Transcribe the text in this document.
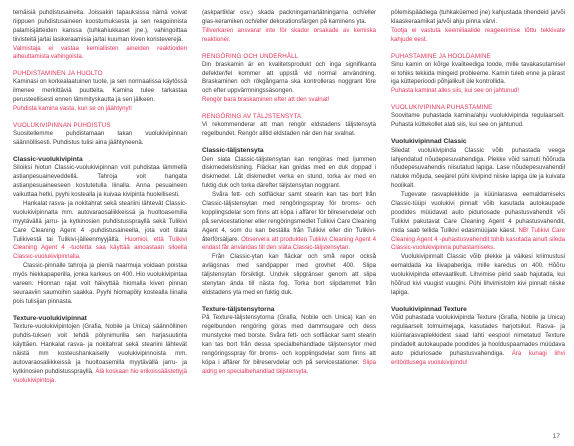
temäisiä puhdistusaineita. Joissakin tapauksissa nämä voivat riippuen puhdistusaineen koostumuksesta ja sen reagoinnista palamisjätteiden kanssa (tuhkahiukkaset jne.), vahingoittaa tiivisteitä ja/tai lasikeraamisia ja/tai kuuman kiven koristeverejä.

Valmistaja ei vastaa kemiallisten aineiden reaktioiden aiheuttamista vahingoista.

PUHDISTAMINEN JA HUOLTO

Kaminasi on korkealaatuinen tuote, ja sen normaalissa käytössä ilmenee merkittäviä puutteita. Kamina tulee tarkastaa perusteellisesti ennen lämmityskautta ja sen jälkeen.

Puhdista kamina vasta, kun se on jäähtynyt!

VUOLUKIVIPINNAN PUHDISTUS

Suositellemme puhdistamaan takan vuolukivipinnan säännöllisesti. Puhdistus tulisi aina jäähtyneenä.

Classic-vuolukivipinta

Siloiksi hiotun Classic-vuolukivipinnan voit puhdistaa lämmellä astianpesuaineveddellä. Tahroja voit hangata astianpesuaineeseen kostutetulla liinalla. Anna pesuaineen vaikuttaa hetki, pyyhi kostealla ja kuivaa kivipinta huolellisesti.

Hankalat rasva- ja nokitahrat sekä steariini lähtevät Classic-vuolukivipinnalta mm. autovaraosaliikkeissä ja huoltoasemilla myytävällä jarru- ja kytkinosien puhdistussprayllä sekä Tulikivi Care Cleaning Agent 4 -puhdistusaineella, jota voit tilata Tulikivestä tai Tulikivi-jälleenmyyjältä. Huomioi, että Tulikivi Cleaning Agent 4 -tuotetta saa käyttää ainoastaan siloella Classic-vuolukivipinnalla.

Classic-pinnalle tahroja ja pieniä naarmuja voidaan poistaa myös hiekkapaperilla, jonka karkeus on 400. Hio vuolukivipintaa vareen. Hionnan rajat voit häivyttää hiomalla kiven pinnan seuraaviin saumoihin saakka. Pyyhi hiomapöly kostealla liinalla pois tulisijan pinnasta.

Texture-vuolukivipinnat

Texture-vuolukivipintojen (Grafia, Nobile ja Unica) säännöllinen puhdis-tuksen voit tehdä pölynimurilla sen harjasuutinta käyttäen. Hankalat rasva- ja nokitahrat sekä steariini lähtevät näistä mm kosteushankaiselly vuolukivipinnoista mm. autovaraosaliikkeissä ja huoltoasemilla myytävällä jarru- ja kytkinosien puhdistussprayllä. Älä koskaan hio erikoissäästettyjä vuolukivipintoja.

(askpartiklar osv.) skada packningarna/tätningarna och/eller glas-keramiken och/eller dekorationsfärgen på kaminens yta.

Tillverkaren ansvarar inte för skador orsakade av kemiska reaktioner.

RENGÖRING OCH UNDERHÅLL

Din braskamin är en kvalitetsprodukt och inga signifikanta defekter/fel kommer att uppstå vid normal användning. Braskaminen och rökgångarna ska kontrolleras noggrant före och efter uppvärmningssäsongen.

Rengör bara braskaminen efter att den svalnat!

RENGÖRING AV TÄLJSTENSYTA

Vi rekommenderar att man rengör eldstadens täljstensyta regelbundet. Rengör alltid eldstaden när den har svalnat.

Classic-täljstensyta

Den slata Classic-täljstensytan kan rengöras med ljummen diskmedelslösning. Fläckar kan gnidas med en duk doppad i diskmedel. Låt diskmedlet verka en stund, torka av med en fuktig duk och torka därefter täljstensytan noggrant.

Svåra fett- och sotfläckar samt stearin kan tas bort från Classic-täljstensytan med rengöringsspray för broms- och kopplingsdelar som finns att köpa i affärer för bilreservdelar och på servicestationer eller rengöringsmedlet Tulikivi Care Cleaning Agent 4, som du kan beställa från Tulikivi eller din Tulikivi-återförsäljare. Observera att produkten Tulikivi Cleaning Agent 4 endast får användas till den släta Classic-täljstensytan.

Från Classic-ytan kan fläckar och små repor också avlägsnas med sandpapper med grovhet 400. Slipa täljstensytan försiktigt. Undvik slipgränser genom att slipa stenytan ända till nästa fog. Torka bort slipdammet från eldstadens yta med en fuktig duk.

Texture-täljstensytorna

På Texture-täljstensytorna (Grafia, Nobile och Unica) kan en regelbunden rengöring göras med dammsugare och dess munstycke med borste. Svåra fett- och sotfläckar samt stearin kan tas bort från dessa specialbehandlade täljstensytor med rengöringsspray för broms- och kopplingsdelar som finns att köpa i affärer för bilreservdelar och på servicestationer. Slipa aldrig en specialbehandlad täljstensyta.

pölemispäädiega (tuhkaküemed jne) kahjustada tihendeid ja/või klaaskeraamikat ja/või ahju pinna värvi.

Tootja ei vastuta keemiliaalide reageerimise tõttu tekkivate kahjude eest.

PUHASTAMINE JA HOOLDAMINE

Sinu kamin on kõrge kvaliteediga toode, mille tavakasutamisel ei tohiks tekkida mingeid probleeme. Kamin tuleb enne ja pärast iga kütteperioodi põhjalikult üle kontrollida.

Puhasta kaminat alles siis, kui see on jahtunud!

VUOLUKIVIPINNA PUHASTAMINE

Soovitame puhastada kamina/ahju vuolukivipinda regulaarselt. Puhasta küttekollet alati siis, kui see on jahtunud.

Vuolukivipinnad Classic

Siledat vuolukivipinda Classic võib puhastada veega lahjendatud nõudepesuvahendiga. Plekke võid samuti hõõruda nõudepesuvahendis niisutatud lapiga. Lase nõudepesuvahendil natuke mõjuda, seejärel pühi kivipind niiske lapiga üle ja kuivata hoolikalt.

Tugevate rasvaplekkide ja küünlarasva eemaldamiseks Classic-tüüpi vuolukivi pinnalt võib kasutada autokaupade poodides müüdavat auto piduriosade puhastusvahendit või Tulikivi pakutavat Care Cleaning Agent 4 puhastusvahendit, mida saab tellida Tulikivi edasimüüjate käest. NB! Tulikivi Care Cleaning Agent 4 -puhastusvahendit tohib kasutada ainult sileda Classic-vuolukivipinna puhastamiseks.

Vuolukivipinnalt Classic võib plekke ja väikesi kriimustusi eemaldada ka liivapaberiga, mille karedus on 400. Hõõru vuolukivipinda ettevaatlikult. Lihvimise piirid saab hajutada, kui hõõrud kivi vuugist vuugini. Pühi lihvimistolm kivi pinnalt niiske lapiga.

Vuolukivipinnad Texture

Võid puhastada vuolukivipinda Texture (Grafia, Nobile ja Unica) regulaarselt tolmuimejaga, kasutades harjotsikut. Rasva- ja küünlarasvaplekkidest saad lahti eespool nimetatud Texture pindadelt autokaupade poodides ja hoolduspaamades müüdava auto piduriosade puhastusvahendiga. Ära kunagi lihvi eritöötlusega vuolukivipindu!

17
